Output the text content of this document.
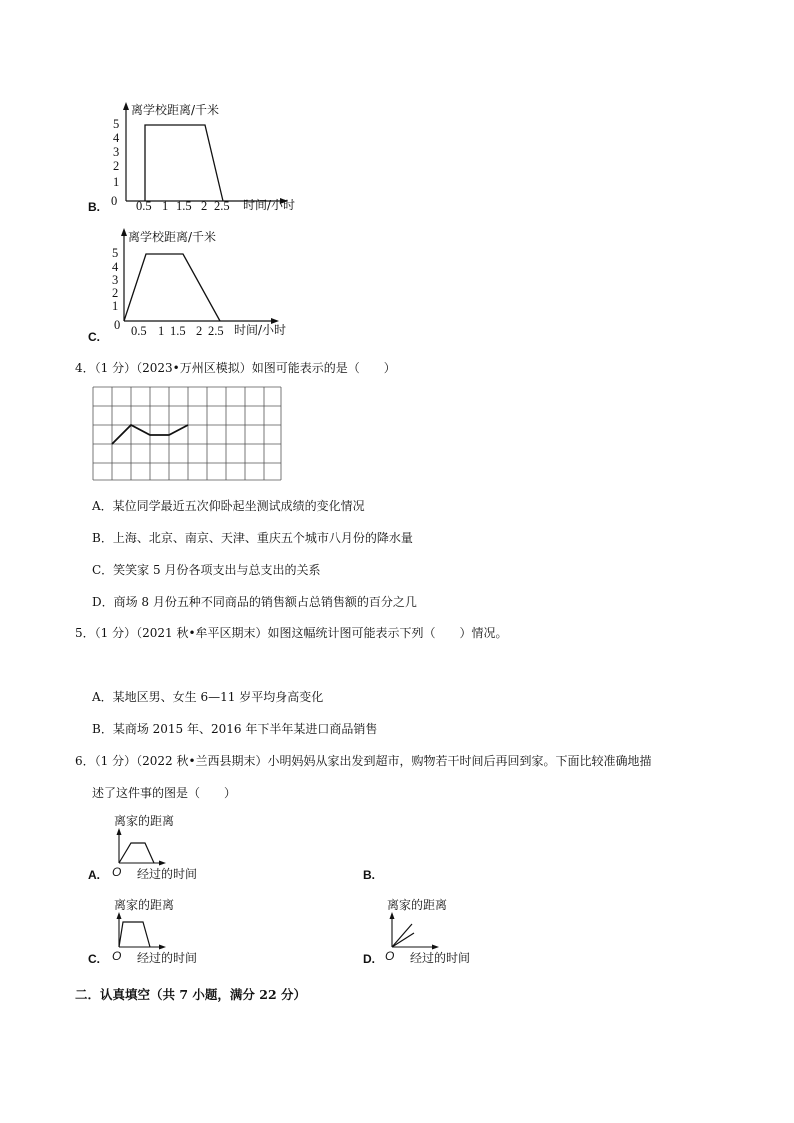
B.
离学校距离/千米
时间/小时
0
5
4
3
2
1
0.5 1 1.5 2 2.5
C.
离学校距离/千米
时间/小时
0
5
4
3
2
1
0.5 1 1.5 2 2.5
4．（1 分）（2023•万州区模拟）如图可能表示的是（　　）
A．某位同学最近五次仰卧起坐测试成绩的变化情况
B．上海、北京、南京、天津、重庆五个城市八月份的降水量
C．笑笑家 5 月份各项支出与总支出的关系
D．商场 8 月份五种不同商品的销售额占总销售额的百分之几
5．（1 分）（2021 秋•牟平区期末）如图这幅统计图可能表示下列（　　）情况。
A．某地区男、女生 6—11 岁平均身高变化
B．某商场 2015 年、2016 年下半年某进口商品销售
6．（1 分）（2022 秋•兰西县期末）小明妈妈从家出发到超市，购物若干时间后再回到家。下面比较准确地描
述了这件事的图是（　　）
A.
离家的距离
O 经过的时间	B.
C.
离家的距离
O 经过的时间	D.
离家的距离
O 经过的时间
二．认真填空（共 7 小题，满分 22 分）
